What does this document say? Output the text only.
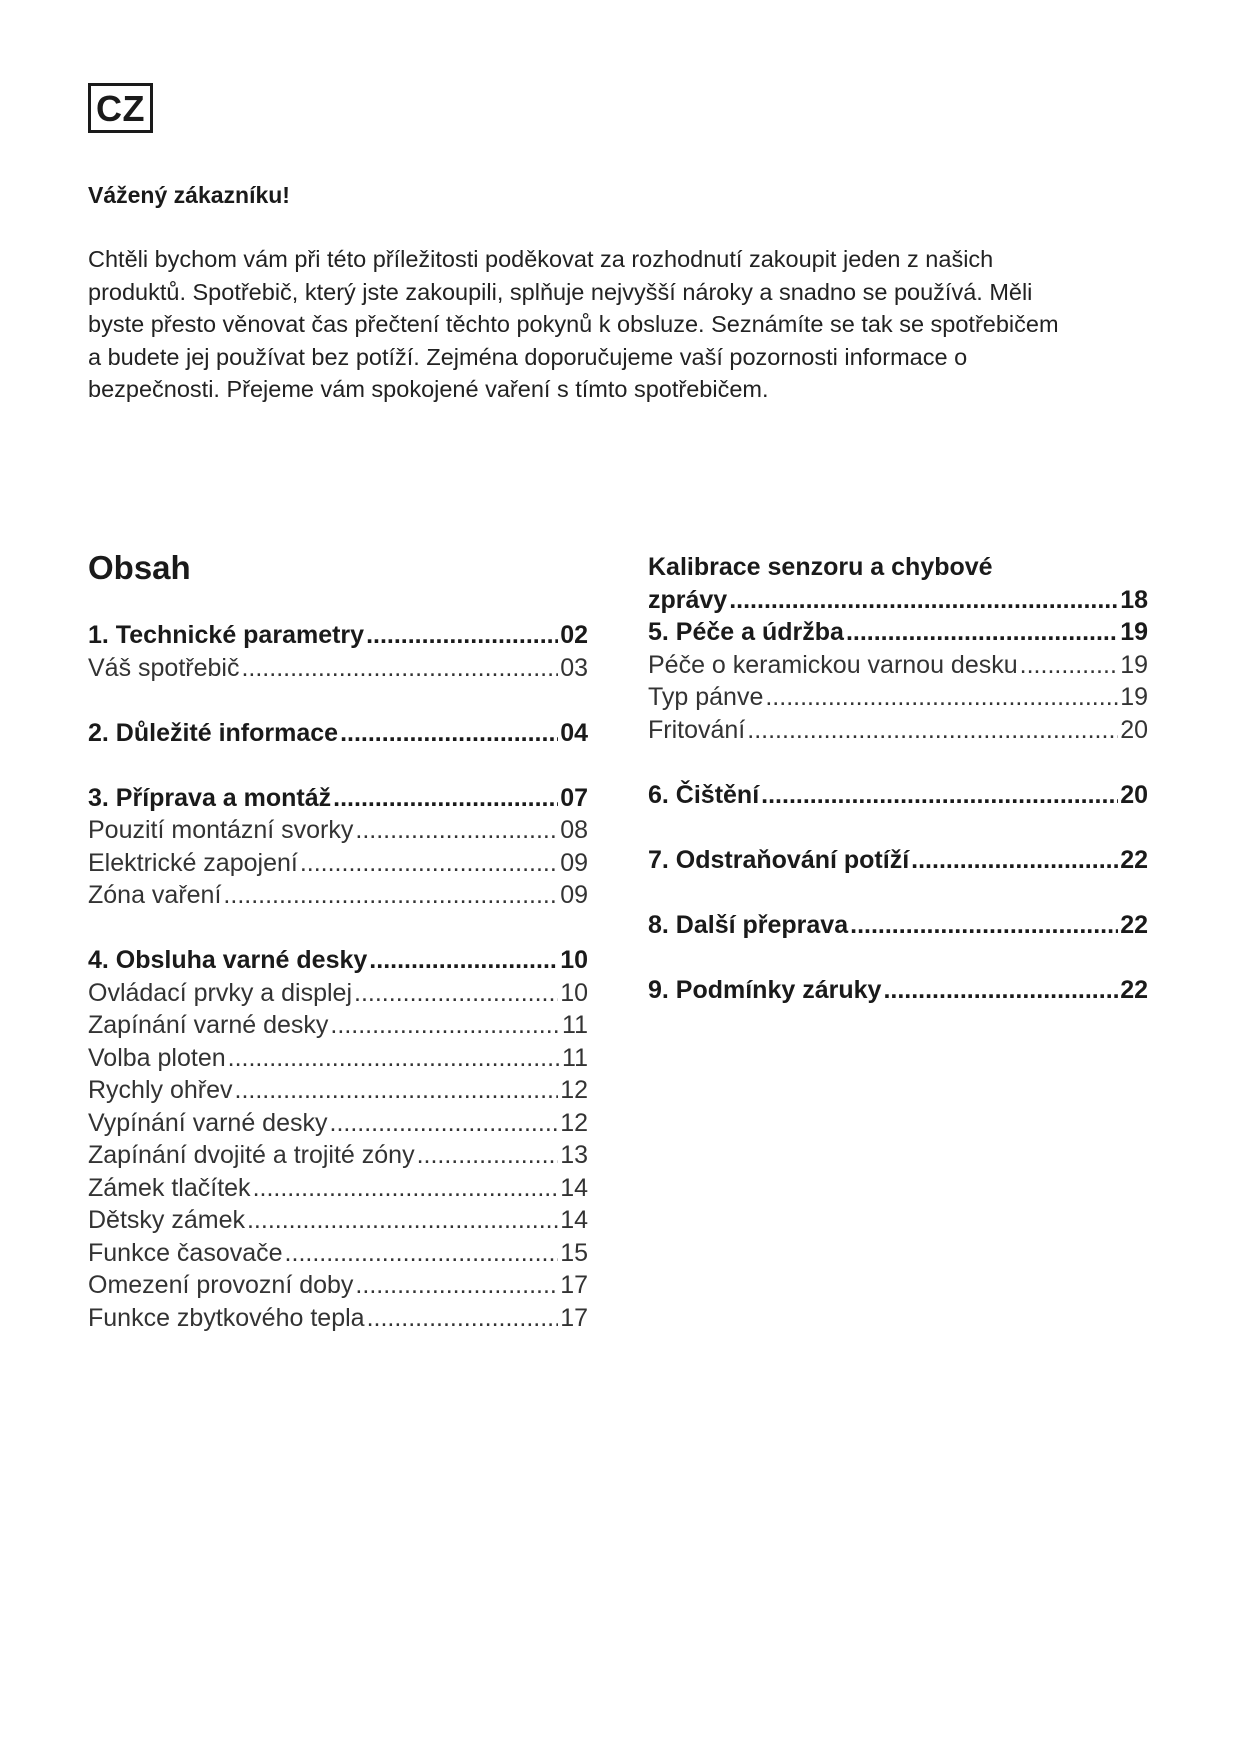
CZ
Vážený zákazníku!
Chtěli bychom vám při této příležitosti poděkovat za rozhodnutí zakoupit jeden z našich
produktů. Spotřebič, který jste zakoupili, splňuje nejvyšší nároky a snadno se používá. Měli
byste přesto věnovat čas přečtení těchto pokynů k obsluze. Seznámíte se tak se spotřebičem
a budete jej používat bez potíží. Zejména doporučujeme vaší pozornosti informace o
bezpečnosti. Přejeme vám spokojené vaření s tímto spotřebičem.
Obsah
1. Technické parametry .....	02
Váš spotřebič .....	03
2. Důležité informace .....	04
3. Příprava a montáž .....	07
Pouzití montázní svorky .....	08
Elektrické zapojení .....	09
Zóna vaření .....	09
4. Obsluha varné desky .....	10
Ovládací prvky a displej .....	10
Zapínání varné desky .....	11
Volba ploten .....	11
Rychly ohřev .....	12
Vypínání varné desky .....	12
Zapínání dvojité a trojité zóny .....	13
Zámek tlačítek .....	14
Dětsky zámek .....	14
Funkce časovače .....	15
Omezení provozní doby .....	17
Funkce zbytkového tepla .....	17
Kalibrace senzoru a chybové
zprávy .....	18
5. Péče a údržba .....	19
Péče o keramickou varnou desku .....	19
Typ pánve .....	19
Fritování .....	20
6. Čištění .....	20
7. Odstraňování potíží .....	22
8. Další přeprava .....	22
9. Podmínky záruky .....	22
